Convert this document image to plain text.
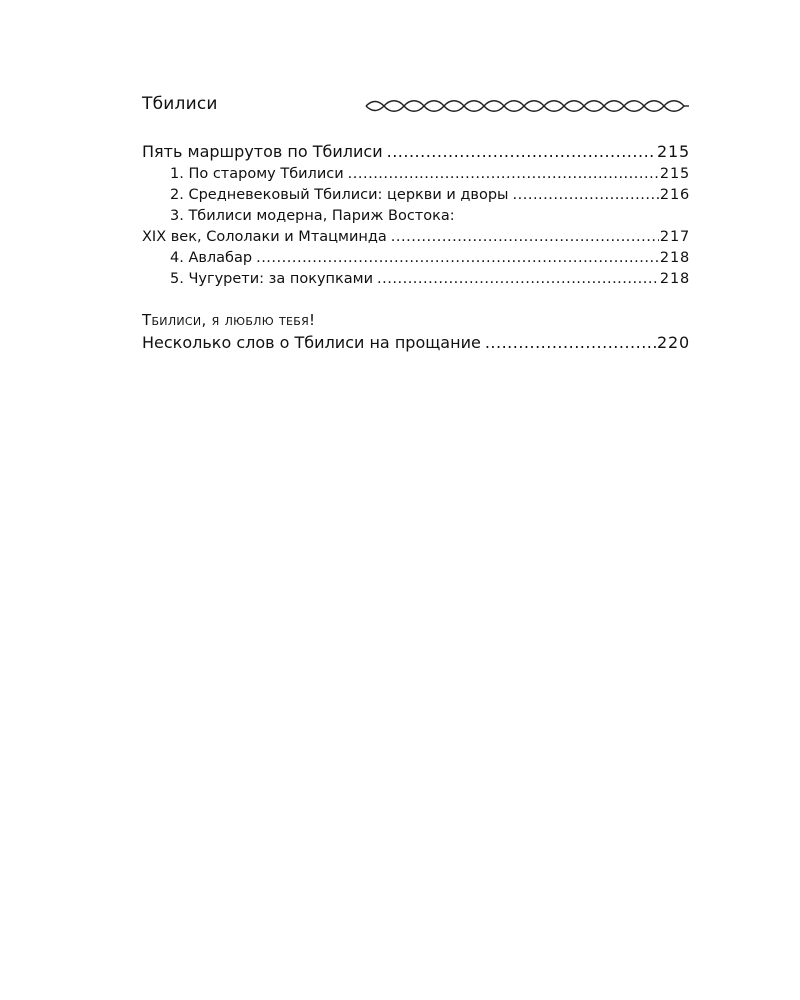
Тбилиси
Пять маршрутов по Тбилиси .....	215
1. По старому Тбилиси .....	215
2. Средневековый Тбилиси: церкви и дворы .....	216
3. Тбилиси модерна, Париж Востока:
XIX век, Сололаки и Мтацминда .....	217
4. Авлабар .....	218
5. Чугурети: за покупками .....	218
Тбилиси, я люблю тебя!
Несколько слов о Тбилиси на прощание .....	220
